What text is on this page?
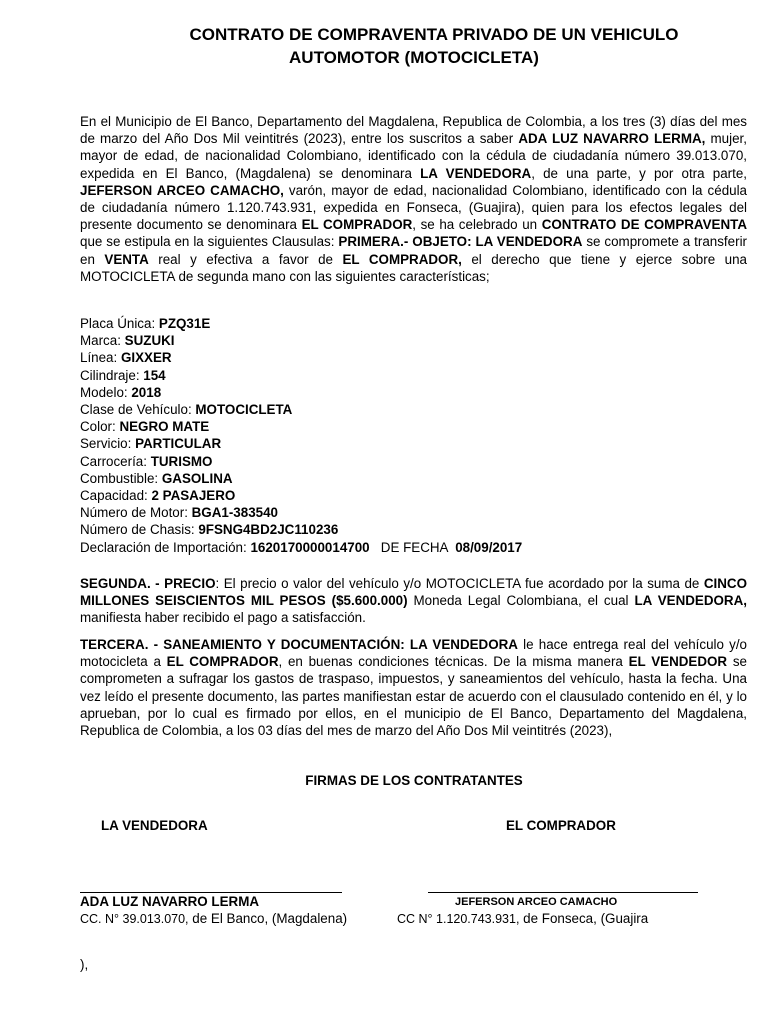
CONTRATO DE COMPRAVENTA PRIVADO DE UN VEHICULO
AUTOMOTOR (MOTOCICLETA)
En el Municipio de El Banco, Departamento del Magdalena, Republica de Colombia, a los tres (3) días del mes de marzo del Año Dos Mil veintitrés (2023), entre los suscritos a saber ADA LUZ NAVARRO LERMA, mujer, mayor de edad, de nacionalidad Colombiano, identificado con la cédula de ciudadanía número 39.013.070, expedida en El Banco, (Magdalena) se denominara LA VENDEDORA, de una parte, y por otra parte, JEFERSON ARCEO CAMACHO, varón, mayor de edad, nacionalidad Colombiano, identificado con la cédula de ciudadanía número 1.120.743.931, expedida en Fonseca, (Guajira), quien para los efectos legales del presente documento se denominara EL COMPRADOR, se ha celebrado un CONTRATO DE COMPRAVENTA que se estipula en la siguientes Clausulas: PRIMERA.- OBJETO: LA VENDEDORA se compromete a transferir en VENTA real y efectiva a favor de EL COMPRADOR, el derecho que tiene y ejerce sobre una MOTOCICLETA de segunda mano con las siguientes características;
Placa Única: PZQ31E
Marca: SUZUKI
Línea: GIXXER
Cilindraje: 154
Modelo: 2018
Clase de Vehículo: MOTOCICLETA
Color: NEGRO MATE
Servicio: PARTICULAR
Carrocería: TURISMO
Combustible: GASOLINA
Capacidad: 2 PASAJERO
Número de Motor: BGA1-383540
Número de Chasis: 9FSNG4BD2JC110236
Declaración de Importación: 1620170000014700   DE FECHA  08/09/2017
SEGUNDA. - PRECIO: El precio o valor del vehículo y/o MOTOCICLETA fue acordado por la suma de CINCO MILLONES SEISCIENTOS MIL PESOS ($5.600.000) Moneda Legal Colombiana, el cual LA VENDEDORA, manifiesta haber recibido el pago a satisfacción.
TERCERA. - SANEAMIENTO Y DOCUMENTACIÓN: LA VENDEDORA le hace entrega real del vehículo y/o motocicleta a EL COMPRADOR, en buenas condiciones técnicas. De la misma manera EL VENDEDOR se comprometen a sufragar los gastos de traspaso, impuestos, y saneamientos del vehículo, hasta la fecha. Una vez leído el presente documento, las partes manifiestan estar de acuerdo con el clausulado contenido en él, y lo aprueban, por lo cual es firmado por ellos, en el municipio de El Banco, Departamento del Magdalena, Republica de Colombia, a los 03 días del mes de marzo del Año Dos Mil veintitrés (2023),
FIRMAS DE LOS CONTRATANTES
LA VENDEDORA	EL COMPRADOR
ADA LUZ NAVARRO LERMA	JEFERSON ARCEO CAMACHO
CC. N° 39.013.070, de El Banco, (Magdalena)	CC N° 1.120.743.931, de Fonseca, (Guajira
),
